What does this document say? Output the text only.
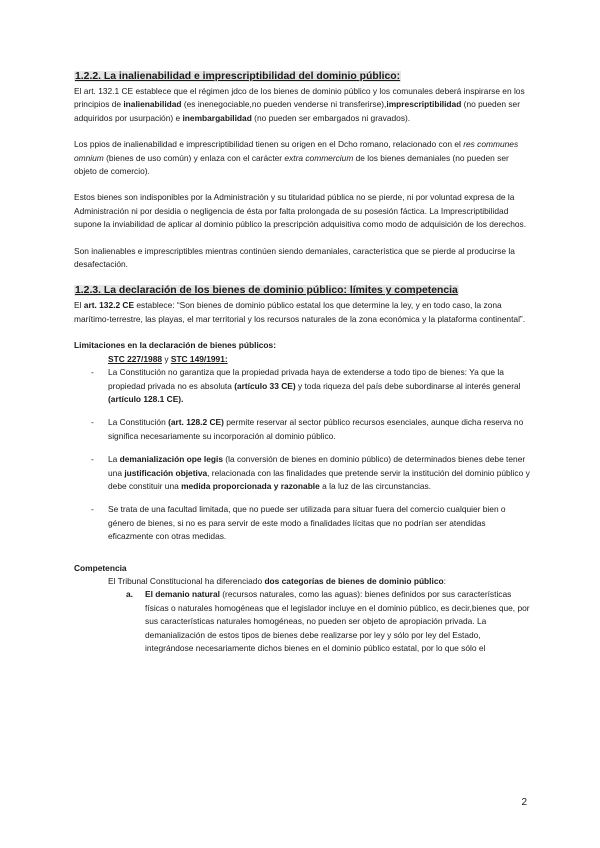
1.2.2. La inalienabilidad e imprescriptibilidad del dominio público:

El art. 132.1 CE establece que el régimen jdco de los bienes de dominio público y los comunales deberá inspirarse en los principios de inalienabilidad (es inenegociable,no pueden venderse ni transferirse),imprescriptibilidad (no pueden ser adquiridos por usurpación) e inembargabilidad (no pueden ser embargados ni gravados).

Los ppios de inalienabilidad e imprescriptibilidad tienen su origen en el Dcho romano, relacionado con el res communes omnium (bienes de uso común) y enlaza con el carácter extra commercium de los bienes demaniales (no pueden ser objeto de comercio).

Estos bienes son indisponibles por la Administración y su titularidad pública no se pierde, ni por voluntad expresa de la Administración ni por desidia o negligencia de ésta por falta prolongada de su posesión fáctica. La Imprescriptibilidad supone la inviabilidad de aplicar al dominio público la prescripción adquisitiva como modo de adquisición de los derechos.

Son inalienables e imprescriptibles mientras continúen siendo demaniales, característica que se pierde al producirse la desafectación.

1.2.3. La declaración de los bienes de dominio público: límites y competencia

El art. 132.2 CE establece: “Son bienes de dominio público estatal los que determine la ley, y en todo caso, la zona marítimo-terrestre, las playas, el mar territorial y los recursos naturales de la zona económica y la plataforma continental”.

Limitaciones en la declaración de bienes públicos:

STC 227/1988 y STC 149/1991:

- La Constitución no garantiza que la propiedad privada haya de extenderse a todo tipo de bienes: Ya que la propiedad privada no es absoluta (artículo 33 CE) y toda riqueza del país debe subordinarse al interés general (artículo 128.1 CE).
- La Constitución (art. 128.2 CE) permite reservar al sector público recursos esenciales, aunque dicha reserva no significa necesariamente su incorporación al dominio público.
- La demanialización ope legis (la conversión de bienes en dominio público) de determinados bienes debe tener una justificación objetiva, relacionada con las finalidades que pretende servir la institución del dominio público y debe constituir una medida proporcionada y razonable a la luz de las circunstancias.
- Se trata de una facultad limitada, que no puede ser utilizada para situar fuera del comercio cualquier bien o género de bienes, si no es para servir de este modo a finalidades lícitas que no podrían ser atendidas eficazmente con otras medidas.

Competencia

El Tribunal Constitucional ha diferenciado dos categorías de bienes de dominio público:

a. El demanio natural (recursos naturales, como las aguas): bienes definidos por sus características físicas o naturales homogéneas que el legislador incluye en el dominio público, es decir,bienes que, por sus características naturales homogéneas, no pueden ser objeto de apropiación privada. La demanialización de estos tipos de bienes debe realizarse por ley y sólo por ley del Estado, integrándose necesariamente dichos bienes en el dominio público estatal, por lo que sólo el
2
